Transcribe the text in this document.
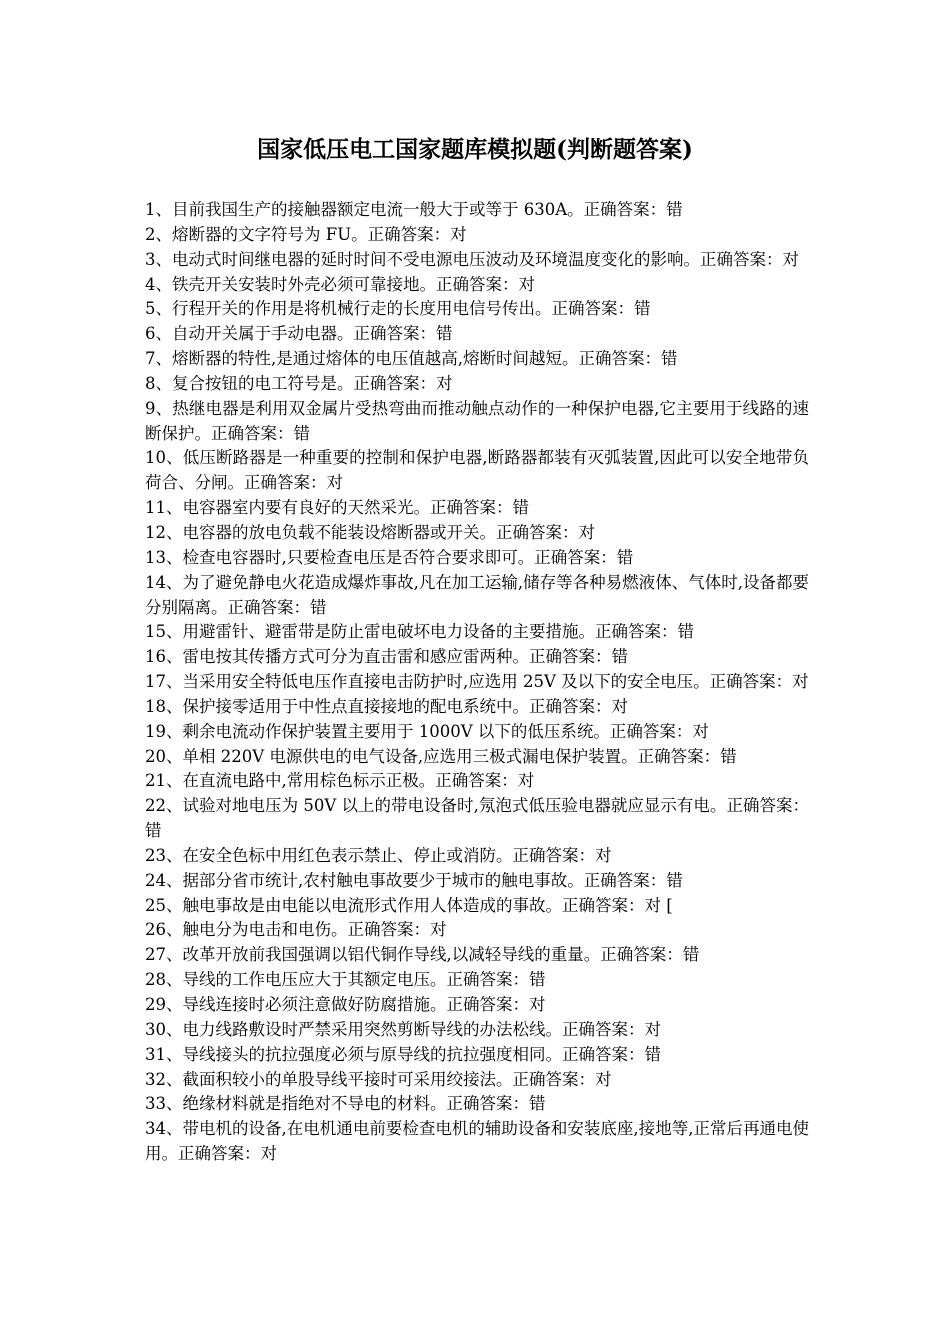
国家低压电工国家题库模拟题(判断题答案)

1、目前我国生产的接触器额定电流一般大于或等于 630A。正确答案：错

2、熔断器的文字符号为 FU。正确答案：对

3、电动式时间继电器的延时时间不受电源电压波动及环境温度变化的影响。正确答案：对

4、铁壳开关安装时外壳必须可靠接地。正确答案：对

5、行程开关的作用是将机械行走的长度用电信号传出。正确答案：错

6、自动开关属于手动电器。正确答案：错

7、熔断器的特性,是通过熔体的电压值越高,熔断时间越短。正确答案：错

8、复合按钮的电工符号是。正确答案：对

9、热继电器是利用双金属片受热弯曲而推动触点动作的一种保护电器,它主要用于线路的速断保护。正确答案：错

10、低压断路器是一种重要的控制和保护电器,断路器都装有灭弧装置,因此可以安全地带负荷合、分闸。正确答案：对

11、电容器室内要有良好的天然采光。正确答案：错

12、电容器的放电负载不能装设熔断器或开关。正确答案：对

13、检查电容器时,只要检查电压是否符合要求即可。正确答案：错

14、为了避免静电火花造成爆炸事故,凡在加工运输,储存等各种易燃液体、气体时,设备都要分别隔离。正确答案：错

15、用避雷针、避雷带是防止雷电破坏电力设备的主要措施。正确答案：错

16、雷电按其传播方式可分为直击雷和感应雷两种。正确答案：错

17、当采用安全特低电压作直接电击防护时,应选用 25V 及以下的安全电压。正确答案：对

18、保护接零适用于中性点直接接地的配电系统中。正确答案：对

19、剩余电流动作保护装置主要用于 1000V 以下的低压系统。正确答案：对

20、单相 220V 电源供电的电气设备,应选用三极式漏电保护装置。正确答案：错

21、在直流电路中,常用棕色标示正极。正确答案：对

22、试验对地电压为 50V 以上的带电设备时,氖泡式低压验电器就应显示有电。正确答案：错

23、在安全色标中用红色表示禁止、停止或消防。正确答案：对

24、据部分省市统计,农村触电事故要少于城市的触电事故。正确答案：错

25、触电事故是由电能以电流形式作用人体造成的事故。正确答案：对 [

26、触电分为电击和电伤。正确答案：对

27、改革开放前我国强调以铝代铜作导线,以减轻导线的重量。正确答案：错

28、导线的工作电压应大于其额定电压。正确答案：错

29、导线连接时必须注意做好防腐措施。正确答案：对

30、电力线路敷设时严禁采用突然剪断导线的办法松线。正确答案：对

31、导线接头的抗拉强度必须与原导线的抗拉强度相同。正确答案：错

32、截面积较小的单股导线平接时可采用绞接法。正确答案：对

33、绝缘材料就是指绝对不导电的材料。正确答案：错

34、带电机的设备,在电机通电前要检查电机的辅助设备和安装底座,接地等,正常后再通电使用。正确答案：对
